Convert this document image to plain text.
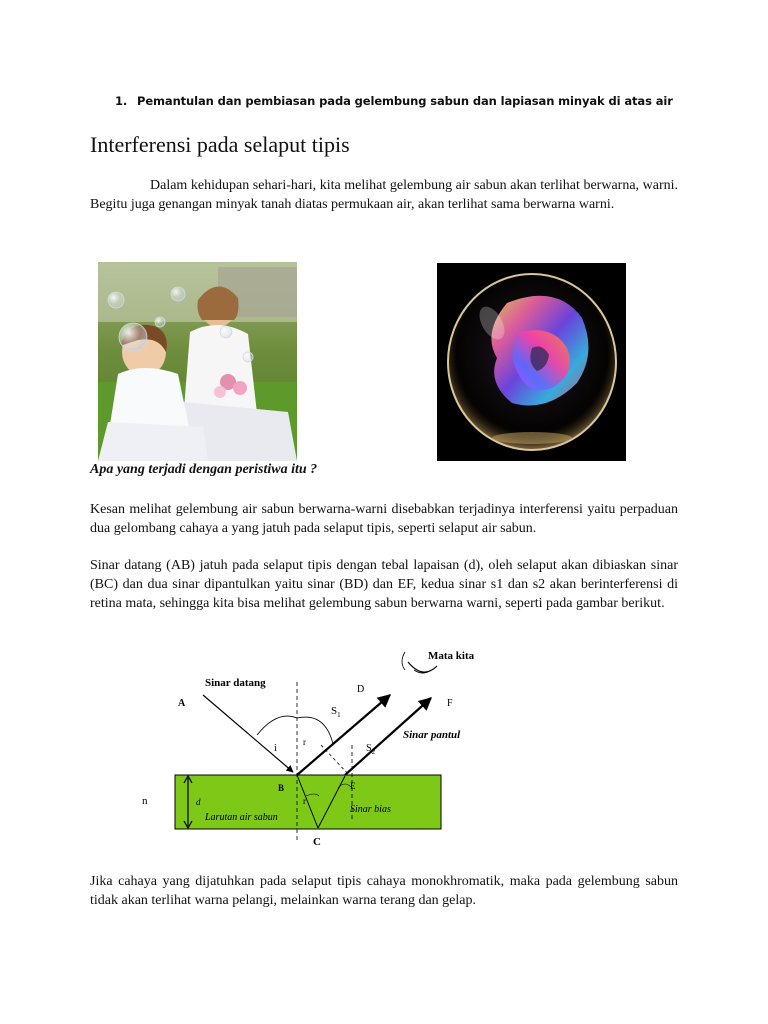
1. Pemantulan dan pembiasan pada gelembung sabun dan lapiasan minyak di atas air
Interferensi pada selaput tipis
Dalam kehidupan sehari-hari, kita melihat gelembung air sabun akan terlihat berwarna, warni. Begitu juga genangan minyak tanah diatas permukaan air, akan terlihat sama berwarna warni.
Apa yang terjadi dengan peristiwa itu ?
Kesan melihat gelembung air sabun berwarna-warni disebabkan terjadinya interferensi yaitu perpaduan dua gelombang cahaya a yang jatuh pada selaput tipis, seperti selaput air sabun.
Sinar datang (AB) jatuh pada selaput tipis dengan tebal lapaisan (d), oleh selaput akan dibiaskan sinar (BC) dan dua sinar dipantulkan yaitu sinar (BD) dan EF, kedua sinar s1 dan s2 akan berinterferensi di retina mata, sehingga kita bisa melihat gelembung sabun berwarna warni, seperti pada gambar berikut.
Mata kita
Sinar datang
A
D
F
$S_1$
$S_2$
Sinar pantul
i
r
B	E
r
Sinar bias
Larutan air sabun
d
C
n
Jika cahaya yang dijatuhkan pada selaput tipis cahaya monokhromatik, maka pada gelembung sabun tidak akan terlihat warna pelangi, melainkan warna terang dan gelap.
